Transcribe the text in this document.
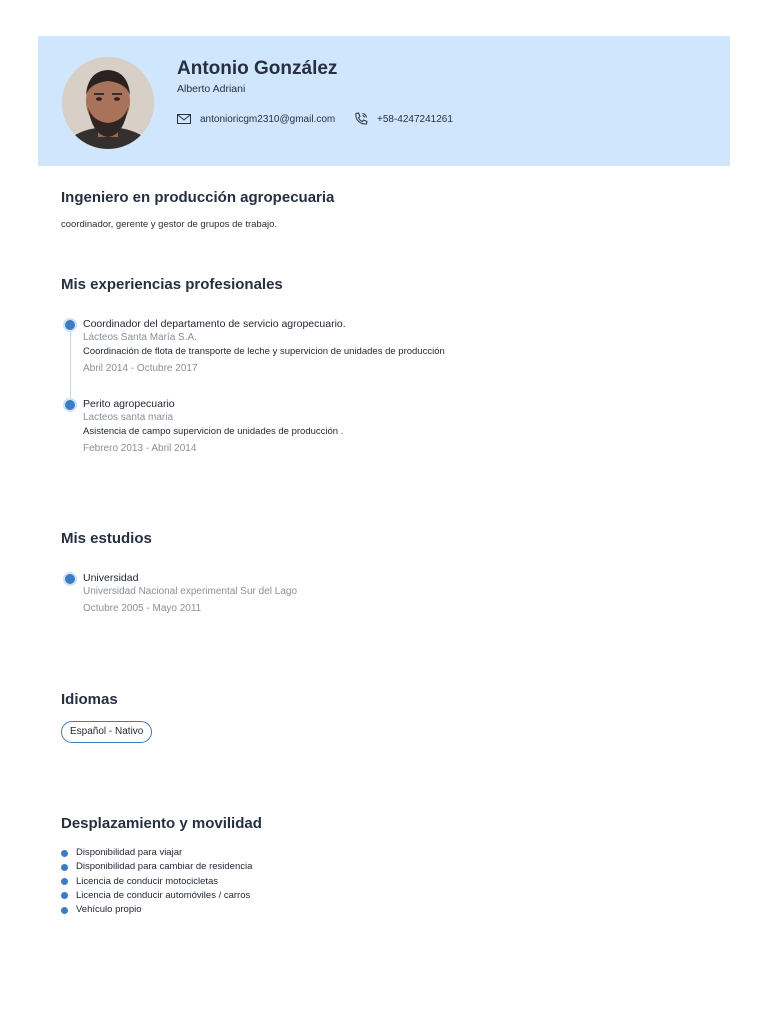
Antonio González
Alberto Adriani
antonioricgm2310@gmail.com	+58-4247241261
Ingeniero en producción agropecuaria
coordinador, gerente y gestor de grupos de trabajo.
Mis experiencias profesionales
Coordinador del departamento de servicio agropecuario.
Lácteos Santa María S.A.
Coordinación de flota de transporte de leche y supervicion de unidades de producción
Abril 2014 - Octubre 2017
Perito agropecuario
Lacteos santa maria
Asistencia de campo supervicion de unidades de producción .
Febrero 2013 - Abril 2014
Mis estudios
Universidad
Universidad Nacional experimental Sur del Lago
Octubre 2005 - Mayo 2011
Idiomas
Español - Nativo
Desplazamiento y movilidad
Disponibilidad para viajar
Disponibilidad para cambiar de residencia
Licencia de conducir motocicletas
Licencia de conducir automóviles / carros
Vehículo propio
